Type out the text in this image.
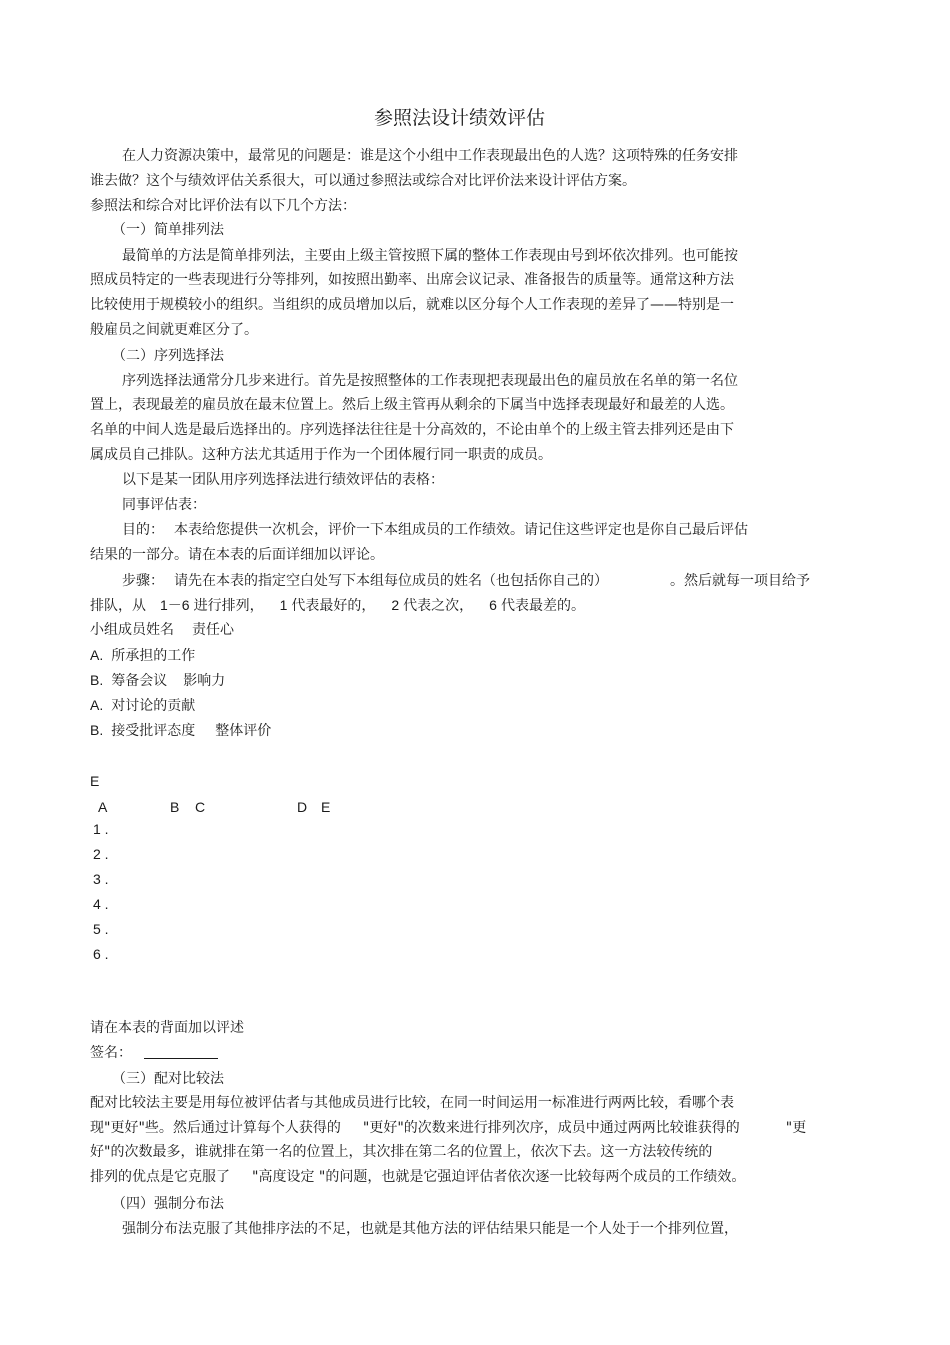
参照法设计绩效评估
在人力资源决策中，最常见的问题是：谁是这个小组中工作表现最出色的人选？这项特殊的任务安排
谁去做？这个与绩效评估关系很大，可以通过参照法或综合对比评价法来设计评估方案。
参照法和综合对比评价法有以下几个方法：
（一）简单排列法
最简单的方法是简单排列法，主要由上级主管按照下属的整体工作表现由号到坏依次排列。也可能按
照成员特定的一些表现进行分等排列，如按照出勤率、出席会议记录、准备报告的质量等。通常这种方法
比较使用于规模较小的组织。当组织的成员增加以后，就难以区分每个人工作表现的差异了——特别是一
般雇员之间就更难区分了。
（二）序列选择法
序列选择法通常分几步来进行。首先是按照整体的工作表现把表现最出色的雇员放在名单的第一名位
置上，表现最差的雇员放在最末位置上。然后上级主管再从剩余的下属当中选择表现最好和最差的人选。
名单的中间人选是最后选择出的。序列选择法往往是十分高效的，不论由单个的上级主管去排列还是由下
属成员自己排队。这种方法尤其适用于作为一个团体履行同一职责的成员。
以下是某一团队用序列选择法进行绩效评估的表格：
同事评估表：
目的： 本表给您提供一次机会，评价一下本组成员的工作绩效。请记住这些评定也是你自己最后评估
结果的一部分。请在本表的后面详细加以评论。
步骤： 请先在本表的指定空白处写下本组每位成员的姓名（也包括你自己的）	。然后就每一项目给予
排队，从 1－6 进行排列， 1 代表最好的， 2 代表之次， 6 代表最差的。
小组成员姓名 责任心
A. 所承担的工作
B. 筹备会议 影响力
A. 对讨论的贡献
B. 接受批评态度 整体评价
E
A	B C	D E
1 .
2 .
3 .
4 .
5 .
6 .
请在本表的背面加以评述
签名：
（三）配对比较法
配对比较法主要是用每位被评估者与其他成员进行比较，在同一时间运用一标准进行两两比较，看哪个表
现"更好"些。然后通过计算每个人获得的 "更好"的次数来进行排列次序，成员中通过两两比较谁获得的	"更
好"的次数最多，谁就排在第一名的位置上，其次排在第二名的位置上，依次下去。这一方法较传统的
排列的优点是它克服了 "高度设定 "的问题，也就是它强迫评估者依次逐一比较每两个成员的工作绩效。
（四）强制分布法
强制分布法克服了其他排序法的不足，也就是其他方法的评估结果只能是一个人处于一个排列位置，
